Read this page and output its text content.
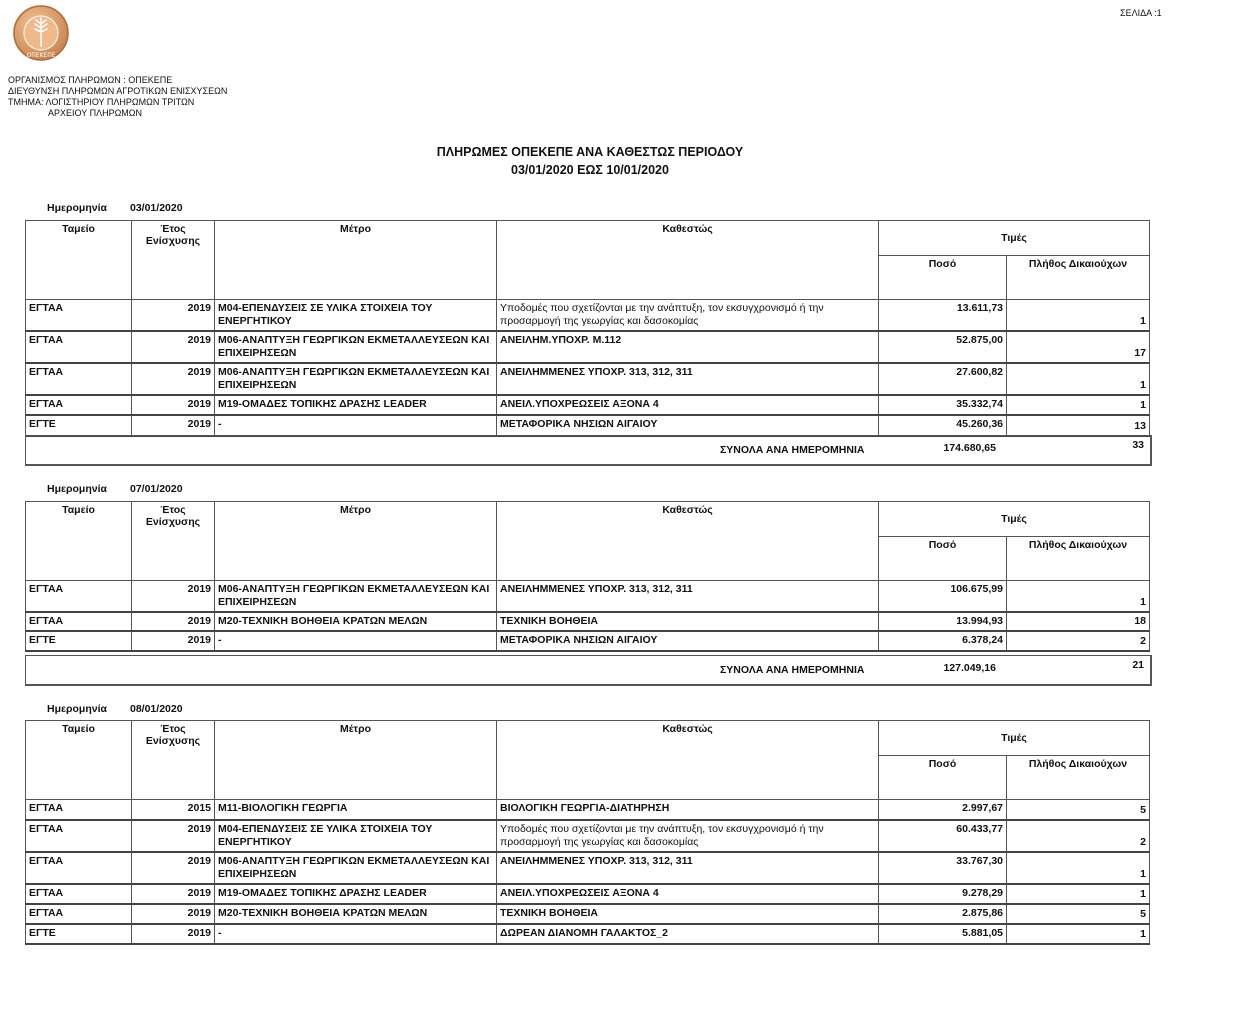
ΟΠΕΚΕΠΕ
ΣΕΛΙΔΑ :1
ΟΡΓΑΝΙΣΜΟΣ ΠΛΗΡΩΜΩΝ : ΟΠΕΚΕΠΕ
ΔΙΕΥΘΥΝΣΗ ΠΛΗΡΩΜΩΝ ΑΓΡΟΤΙΚΩΝ ΕΝΙΣΧΥΣΕΩΝ
ΤΜΗΜΑ: ΛΟΓΙΣΤΗΡΙΟΥ ΠΛΗΡΩΜΩΝ ΤΡΙΤΩΝ
ΑΡΧΕΙΟΥ ΠΛΗΡΩΜΩΝ
ΠΛΗΡΩΜΕΣ ΟΠΕΚΕΠΕ ΑΝΑ ΚΑΘΕΣΤΩΣ ΠΕΡΙΟΔΟΥ
03/01/2020 ΕΩΣ 10/01/2020
Ημερομηνία 03/01/2020
Ταμείο	Έτος Ενίσχυσης	Μέτρο	Καθεστώς	Τιμές	
				Ποσό	Πλήθος Δικαιούχων
ΕΓΤΑΑ	2019	Μ04-ΕΠΕΝΔΥΣΕΙΣ ΣΕ ΥΛΙΚΑ ΣΤΟΙΧΕΙΑ ΤΟΥ ΕΝΕΡΓΗΤΙΚΟΥ	Υποδομές που σχετίζονται με την ανάπτυξη, τον εκσυγχρονισμό ή την προσαρμογή της γεωργίας και δασοκομίας	13.611,73	1
ΕΓΤΑΑ	2019	Μ06-ΑΝΑΠΤΥΞΗ ΓΕΩΡΓΙΚΩΝ ΕΚΜΕΤΑΛΛΕΥΣΕΩΝ ΚΑΙ ΕΠΙΧΕΙΡΗΣΕΩΝ	ΑΝΕΙΛΗΜ.ΥΠΟΧΡ. Μ.112	52.875,00	17
ΕΓΤΑΑ	2019	Μ06-ΑΝΑΠΤΥΞΗ ΓΕΩΡΓΙΚΩΝ ΕΚΜΕΤΑΛΛΕΥΣΕΩΝ ΚΑΙ ΕΠΙΧΕΙΡΗΣΕΩΝ	ΑΝΕΙΛΗΜΜΕΝΕΣ ΥΠΟΧΡ. 313, 312, 311	27.600,82	1
ΕΓΤΑΑ	2019	Μ19-ΟΜΑΔΕΣ ΤΟΠΙΚΗΣ ΔΡΑΣΗΣ LEADER	ΑΝΕΙΛ.ΥΠΟΧΡΕΩΣΕΙΣ ΑΞΟΝΑ 4	35.332,74	1
ΕΓΤΕ	2019	-	ΜΕΤΑΦΟΡΙΚΑ ΝΗΣΙΩΝ ΑΙΓΑΙΟΥ	45.260,36	13
ΣΥΝΟΛΑ ΑΝΑ ΗΜΕΡΟΜΗΝΙΑ	174.680,65	33
Ημερομηνία 07/01/2020
Ταμείο	Έτος Ενίσχυσης	Μέτρο	Καθεστώς	Τιμές	
				Ποσό	Πλήθος Δικαιούχων
ΕΓΤΑΑ	2019	Μ06-ΑΝΑΠΤΥΞΗ ΓΕΩΡΓΙΚΩΝ ΕΚΜΕΤΑΛΛΕΥΣΕΩΝ ΚΑΙ ΕΠΙΧΕΙΡΗΣΕΩΝ	ΑΝΕΙΛΗΜΜΕΝΕΣ ΥΠΟΧΡ. 313, 312, 311	106.675,99	1
ΕΓΤΑΑ	2019	Μ20-ΤΕΧΝΙΚΗ ΒΟΗΘΕΙΑ ΚΡΑΤΩΝ ΜΕΛΩΝ	ΤΕΧΝΙΚΗ ΒΟΗΘΕΙΑ	13.994,93	18
ΕΓΤΕ	2019	-	ΜΕΤΑΦΟΡΙΚΑ ΝΗΣΙΩΝ ΑΙΓΑΙΟΥ	6.378,24	2
ΣΥΝΟΛΑ ΑΝΑ ΗΜΕΡΟΜΗΝΙΑ	127.049,16	21
Ημερομηνία 08/01/2020
Ταμείο	Έτος Ενίσχυσης	Μέτρο	Καθεστώς	Τιμές	
				Ποσό	Πλήθος Δικαιούχων
ΕΓΤΑΑ	2015	Μ11-ΒΙΟΛΟΓΙΚΗ ΓΕΩΡΓΙΑ	ΒΙΟΛΟΓΙΚΗ ΓΕΩΡΓΙΑ-ΔΙΑΤΗΡΗΣΗ	2.997,67	5
ΕΓΤΑΑ	2019	Μ04-ΕΠΕΝΔΥΣΕΙΣ ΣΕ ΥΛΙΚΑ ΣΤΟΙΧΕΙΑ ΤΟΥ ΕΝΕΡΓΗΤΙΚΟΥ	Υποδομές που σχετίζονται με την ανάπτυξη, τον εκσυγχρονισμό ή την προσαρμογή της γεωργίας και δασοκομίας	60.433,77	2
ΕΓΤΑΑ	2019	Μ06-ΑΝΑΠΤΥΞΗ ΓΕΩΡΓΙΚΩΝ ΕΚΜΕΤΑΛΛΕΥΣΕΩΝ ΚΑΙ ΕΠΙΧΕΙΡΗΣΕΩΝ	ΑΝΕΙΛΗΜΜΕΝΕΣ ΥΠΟΧΡ. 313, 312, 311	33.767,30	1
ΕΓΤΑΑ	2019	Μ19-ΟΜΑΔΕΣ ΤΟΠΙΚΗΣ ΔΡΑΣΗΣ LEADER	ΑΝΕΙΛ.ΥΠΟΧΡΕΩΣΕΙΣ ΑΞΟΝΑ 4	9.278,29	1
ΕΓΤΑΑ	2019	Μ20-ΤΕΧΝΙΚΗ ΒΟΗΘΕΙΑ ΚΡΑΤΩΝ ΜΕΛΩΝ	ΤΕΧΝΙΚΗ ΒΟΗΘΕΙΑ	2.875,86	5
ΕΓΤΕ	2019	-	ΔΩΡΕΑΝ ΔΙΑΝΟΜΗ ΓΑΛΑΚΤΟΣ_2	5.881,05	1
